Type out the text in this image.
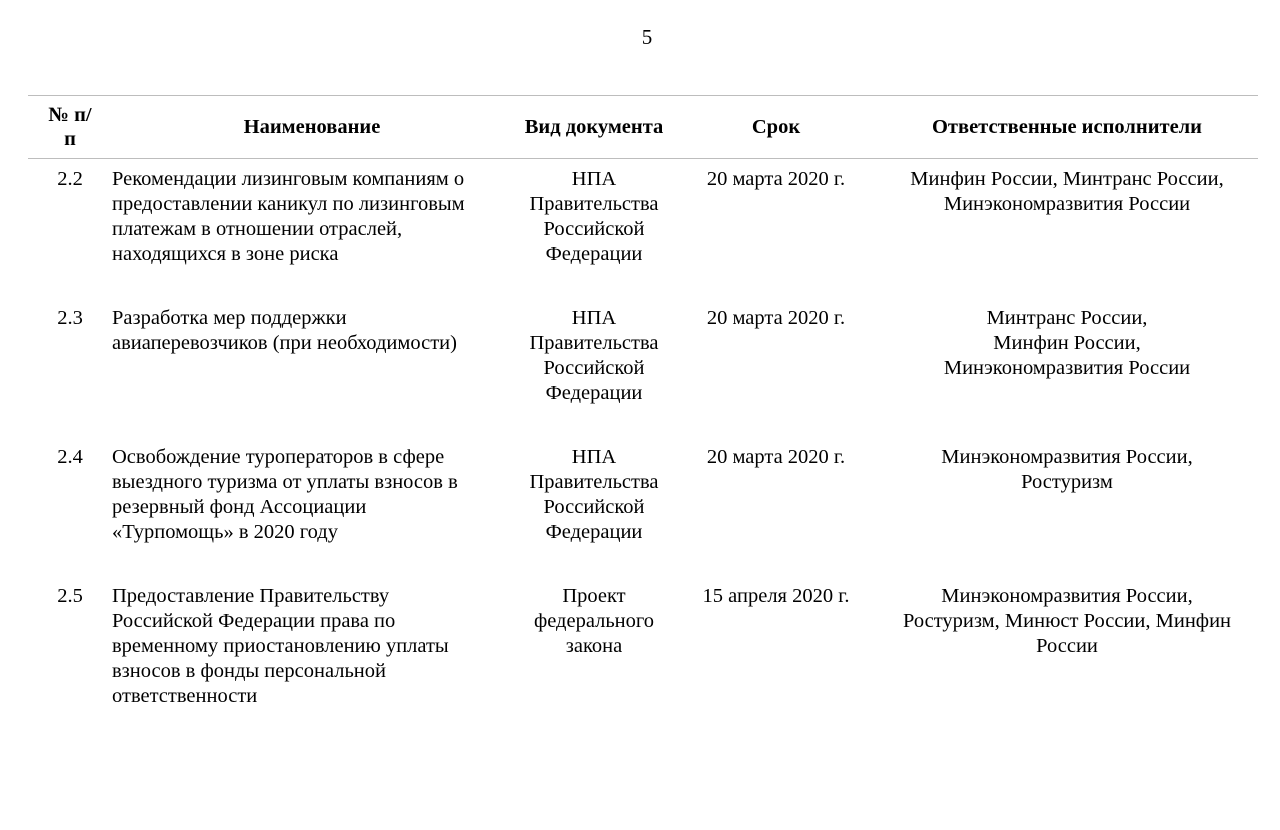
5
№ п/
п	Наименование	Вид документа	Срок	Ответственные исполнители
2.2	Рекомендации лизинговым компаниям о
предоставлении каникул по лизинговым
платежам в отношении отраслей,
находящихся в зоне риска	НПА
Правительства
Российской
Федерации	20 марта 2020 г.	Минфин России, Минтранс России,
Минэкономразвития России
2.3	Разработка мер поддержки
авиаперевозчиков (при необходимости)	НПА
Правительства
Российской
Федерации	20 марта 2020 г.	Минтранс России,
Минфин России,
Минэкономразвития России
2.4	Освобождение туроператоров в сфере
выездного туризма от уплаты взносов в
резервный фонд Ассоциации
«Турпомощь» в 2020 году	НПА
Правительства
Российской
Федерации	20 марта 2020 г.	Минэкономразвития России,
Ростуризм
2.5	Предоставление Правительству
Российской Федерации права по
временному приостановлению уплаты
взносов в фонды персональной
ответственности	Проект
федерального
закона	15 апреля 2020 г.	Минэкономразвития России,
Ростуризм, Минюст России, Минфин
России
